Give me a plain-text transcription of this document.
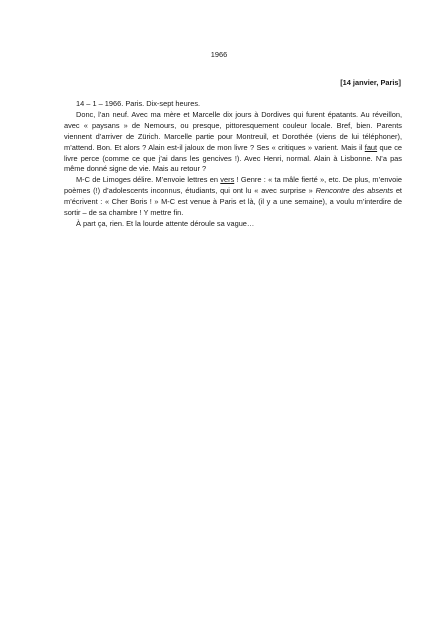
1966
[14 janvier, Paris]

14 – 1 – 1966. Paris. Dix-sept heures.

Donc, l’an neuf. Avec ma mère et Marcelle dix jours à Dordives qui furent épatants. Au réveillon, avec « paysans » de Nemours, ou presque, pittoresquement couleur locale. Bref, bien. Parents viennent d’arriver de Zürich. Marcelle partie pour Montreuil, et Dorothée (viens de lui téléphoner), m’attend. Bon. Et alors ? Alain est-il jaloux de mon livre ? Ses « critiques » varient. Mais il faut que ce livre perce (comme ce que j’ai dans les gencives !). Avec Henri, normal. Alain à Lisbonne. N’a pas même donné signe de vie. Mais au retour ?

M-C de Limoges délire. M’envoie lettres en vers ! Genre : « ta mâle fierté », etc. De plus, m’envoie poèmes (!) d’adolescents inconnus, étudiants, qui ont lu « avec surprise » Rencontre des absents et m’écrivent : « Cher Boris ! » M-C est venue à Paris et là, (il y a une semaine), a voulu m’interdire de sortir – de sa chambre ! Y mettre fin.

À part ça, rien. Et la lourde attente déroule sa vague…
